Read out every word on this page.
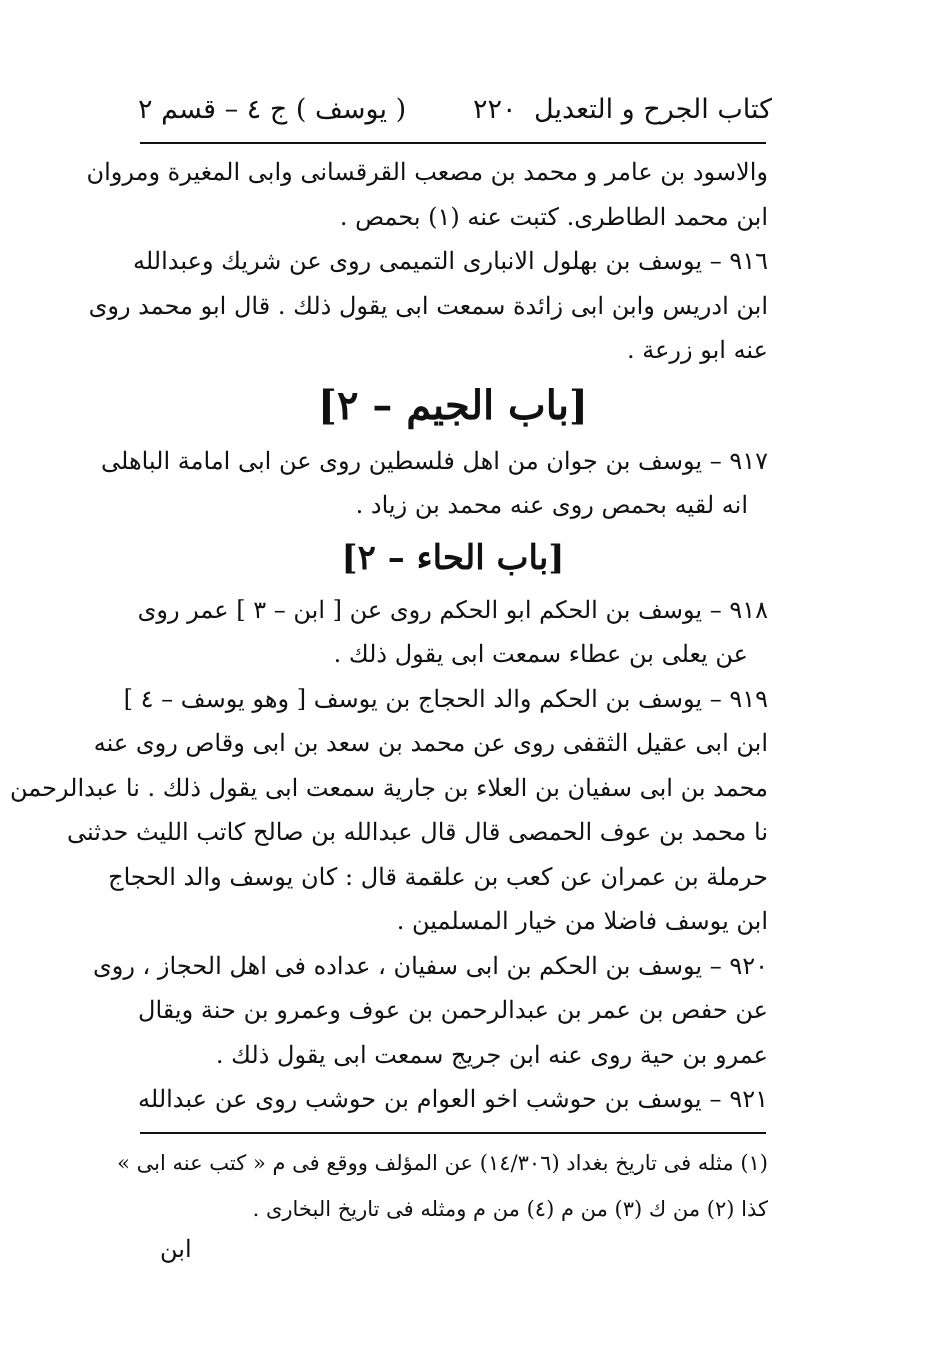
كتاب الجرح و التعديل
٢٢٠
( يوسف ) ج ٤ – قسم ٢
والاسود بن عامر و محمد بن مصعب القرقسانى وابى المغيرة ومروان
ابن محمد الطاطرى. كتبت عنه (١) بحمص .
٩١٦ – يوسف بن بهلول الانبارى التميمى روى عن شريك وعبدالله
ابن ادريس وابن ابى زائدة سمعت ابى يقول ذلك . قال ابو محمد روى
عنه ابو زرعة .
[باب الجيم – ٢]
٩١٧ – يوسف بن جوان من اهل فلسطين روى عن ابى امامة الباهلى
انه لقيه بحمص روى عنه محمد بن زياد .
[باب الحاء – ٢]
٩١٨ – يوسف بن الحكم ابو الحكم روى عن [ ابن – ٣ ] عمر روى
عن يعلى بن عطاء سمعت ابى يقول ذلك .
٩١٩ – يوسف بن الحكم والد الحجاج بن يوسف [ وهو يوسف – ٤ ]
ابن ابى عقيل الثقفى روى عن محمد بن سعد بن ابى وقاص روى عنه
محمد بن ابى سفيان بن العلاء بن جارية سمعت ابى يقول ذلك . نا عبدالرحمن
نا محمد بن عوف الحمصى قال قال عبدالله بن صالح كاتب الليث حدثنى
حرملة بن عمران عن كعب بن علقمة قال : كان يوسف والد الحجاج
ابن يوسف فاضلا من خيار المسلمين .
٩٢٠ – يوسف بن الحكم بن ابى سفيان ، عداده فى اهل الحجاز ، روى
عن حفص بن عمر بن عبدالرحمن بن عوف وعمرو بن حنة ويقال
عمرو بن حية روى عنه ابن جريج سمعت ابى يقول ذلك .
٩٢١ – يوسف بن حوشب اخو العوام بن حوشب روى عن عبدالله
(١) مثله فى تاريخ بغداد (١٤/٣٠٦) عن المؤلف ووقع فى م « كتب عنه ابى »
كذا (٢) من ك (٣) من م (٤) من م ومثله فى تاريخ البخارى .
ابن
